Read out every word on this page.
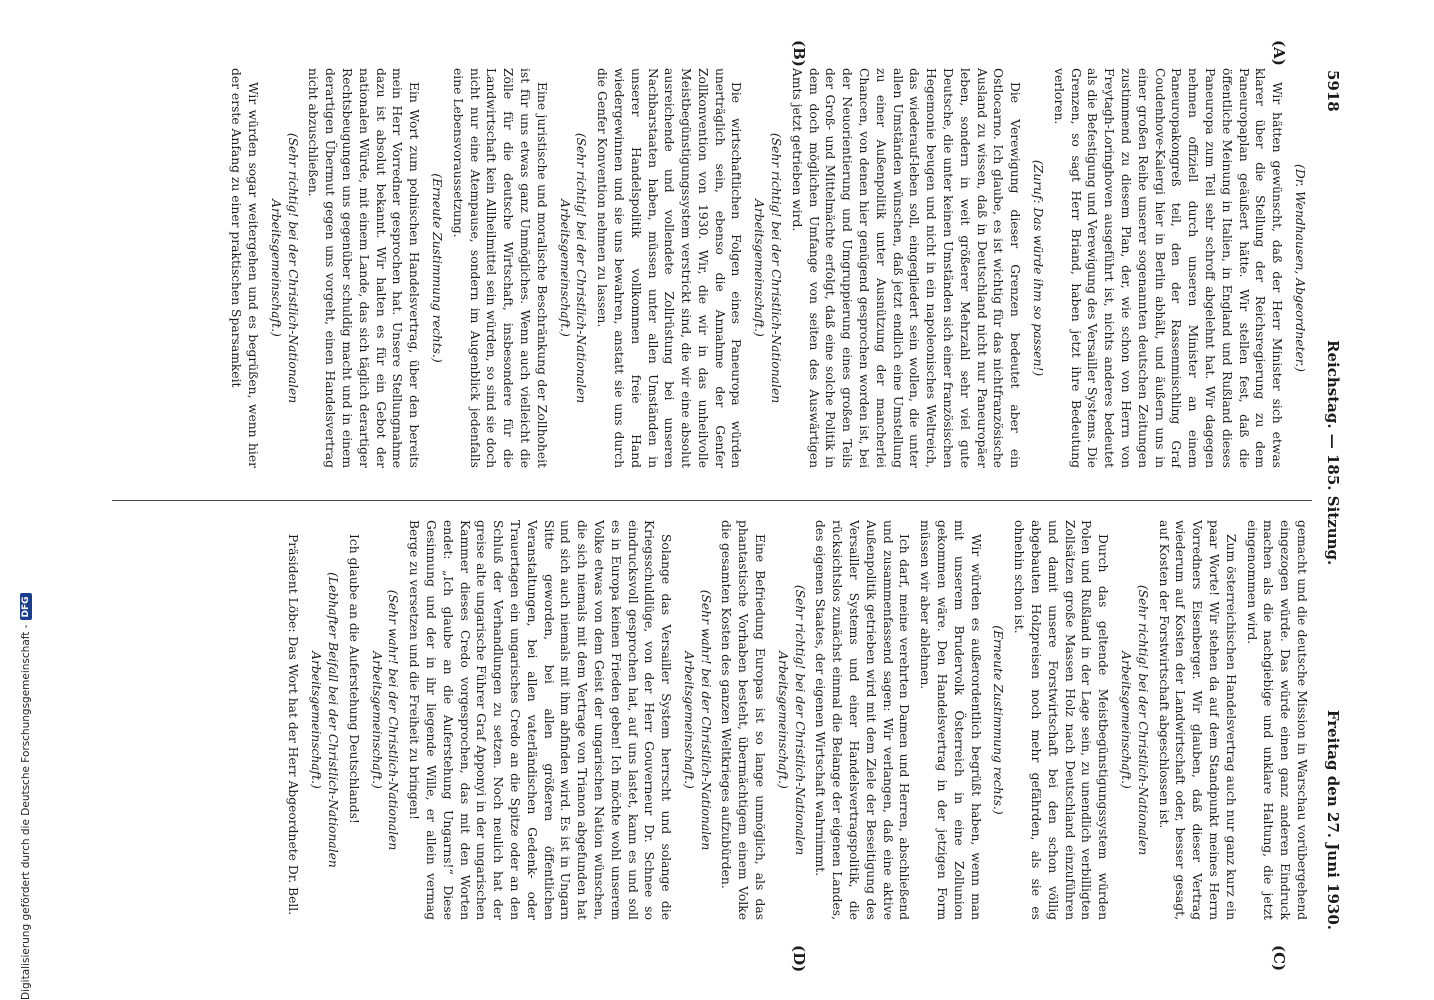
5918
Reichstag. — 185. Sitzung.
Freitag den 27. Juni 1930.
(A)
(B)
(C)
(D)

(Dr. Wendhausen, Abgeordneter.)

Wir hätten gewünscht, daß der Herr Minister sich etwas klarer über die Stellung der Reichsregierung zu dem Paneuropaplan geäußert hätte. Wir stellen fest, daß die öffentliche Meinung in Italien, in England und Rußland dieses Paneuropa zum Teil sehr schroff abgelehnt hat. Wir dagegen nehmen offiziell durch unseren Minister an einem Paneuropakongreß teil, den der Rassenmischling Graf Coudenhove-Kalergi hier in Berlin abhält, und äußern uns in einer großen Reihe unserer sogenannten deutschen Zeitungen zustimmend zu diesem Plan, der, wie schon von Herrn von Freytagh-Loringhoven ausgeführt ist, nichts anderes bedeutet als die Befestigung und Verewigung des Versailler Systems. Die Grenzen, so sagt Herr Briand, haben jetzt ihre Bedeutung verloren.

(Zuruf: Das würde ihm so passen!)

Die Verewigung dieser Grenzen bedeutet aber ein Ostlocarno. Ich glaube, es ist wichtig für das nichtfranzösische Ausland zu wissen, daß in Deutschland nicht nur Paneuropäer leben, sondern in weit größerer Mehrzahl sehr viel gute Deutsche, die unter keinen Umständen sich einer französischen Hegemonie beugen und nicht in ein napoleonisches Weltreich, das wiederauf-leben soll, eingegliedert sein wollen, die unter allen Umständen wünschen, daß jetzt endlich eine Umstellung zu einer Außenpolitik unter Ausnützung der mancherlei Chancen, von denen hier genügend gesprochen worden ist, bei der Neuorientierung und Umgruppierung eines großen Teils der Groß- und Mittelmächte erfolgt, daß eine solche Politik in dem doch möglichen Umfange von seiten des Auswärtigen Amts jetzt getrieben wird.

(Sehr richtig! bei der Christlich-Nationalen Arbeitsgemeinschaft.)

Die wirtschaftlichen Folgen eines Paneuropa würden unerträglich sein, ebenso die Annahme der Genfer Zollkonvention von 1930. Wir, die wir in das unheilvolle Meistbegünstigungssystem verstrickt sind, die wir eine absolut ausreichende und vollendete Zollrüstung bei unseren Nachbarstaaten haben, müssen unter allen Umständen in unserer Handelspolitik vollkommen freie Hand wiedergewinnen und sie uns bewahren, anstatt sie uns durch die Genfer Konvention nehmen zu lassen.

(Sehr richtig! bei der Christlich-Nationalen Arbeitsgemeinschaft.)

Eine juristische und moralische Beschränkung der Zollhoheit ist für uns etwas ganz Unmögliches. Wenn auch vielleicht die Zölle für die deutsche Wirtschaft, insbesondere für die Landwirtschaft kein Allheilmittel sein würden, so sind sie doch nicht nur eine Atempause, sondern im Augenblick jedenfalls eine Lebensvoraussetzung.

(Erneute Zustimmung rechts.)

Ein Wort zum polnischen Handelsvertrag, über den bereits mein Herr Vorredner gesprochen hat. Unsere Stellungnahme dazu ist absolut bekannt. Wir halten es für ein Gebot der nationalen Würde, mit einem Lande, das sich täglich derartiger Rechtsbeugungen uns gegenüber schuldig macht und in einem derartigen Übermut gegen uns vorgeht, einen Handelsvertrag nicht abzuschließen.

(Sehr richtig! bei der Christlich-Nationalen Arbeitsgemeinschaft.)

Wir würden sogar weitergehen und es begrüßen, wenn hier der erste Anfang zu einer praktischen Sparsamkeit

gemacht und die deutsche Mission in Warschau vorübergehend eingezogen würde. Das würde einen ganz anderen Eindruck machen als die nachgiebige und unklare Haltung, die jetzt eingenommen wird.

Zum österreichischen Handelsvertrag auch nur ganz kurz ein paar Worte! Wir stehen da auf dem Standpunkt meines Herrn Vorredners Eisenberger. Wir glauben, daß dieser Vertrag wiederum auf Kosten der Landwirtschaft oder, besser gesagt, auf Kosten der Forstwirtschaft abgeschlossen ist.

(Sehr richtig! bei der Christlich-Nationalen Arbeitsgemeinschaft.)

Durch das geltende Meistbegünstigungssystem würden Polen und Rußland in der Lage sein, zu unendlich verbilligten Zollsätzen große Massen Holz nach Deutschland einzuführen und damit unsere Forstwirtschaft bei den schon völlig abgebauten Holzpreisen noch mehr gefährden, als sie es ohnehin schon ist.

(Erneute Zustimmung rechts.)

Wir würden es außerordentlich begrüßt haben, wenn man mit unserem Brudervolk Österreich in eine Zollunion gekommen wäre. Den Handelsvertrag in der jetzigen Form müssen wir aber ablehnen.

Ich darf, meine verehrten Damen und Herren, abschließend und zusammenfassend sagen: Wir verlangen, daß eine aktive Außenpolitik getrieben wird mit dem Ziele der Beseitigung des Versailler Systems und einer Handelsvertragspolitik, die rücksichtslos zunächst einmal die Belange der eigenen Landes, des eigenen Staates, der eigenen Wirtschaft wahrnimmt.

(Sehr richtig! bei der Christlich-Nationalen Arbeitsgemeinschaft.)

Eine Befriedung Europas ist so lange unmöglich, als das phantastische Vorhaben besteht, übermächtigem einem Volke die gesamten Kosten des ganzen Weltkrieges aufzubürden.

(Sehr wahr! bei der Christlich-Nationalen Arbeitsgemeinschaft.)

Solange das Versailler System herrscht und solange die Kriegsschuldlüge, von der Herr Gouverneur Dr. Schnee so eindrucksvoll gesprochen hat, auf uns lastet, kann es und soll es in Europa keinen Frieden geben! Ich möchte wohl unserem Volke etwas von dem Geist der ungarischen Nation wünschen, die sich niemals mit dem Vertrage von Trianon abgefunden hat und sich auch niemals mit ihm abfinden wird. Es ist in Ungarn Sitte geworden, bei allen größeren öffentlichen Veranstaltungen, bei allen vaterländischen Gedenk- oder Trauertagen ein ungarisches Credo an die Spitze oder an den Schluß der Verhandlungen zu setzen. Noch neulich hat der greise alte ungarische Führer Graf Apponyi in der ungarischen Kammer dieses Credo vorgesprochen, das mit den Worten endet: „Ich glaube an die Auferstehung Ungarns!“ Diese Gesinnung und der in ihr liegende Wille, er allein vermag Berge zu versetzen und die Freiheit zu bringen!

(Sehr wahr! bei der Christlich-Nationalen Arbeitsgemeinschaft.)

Ich glaube an die Auferstehung Deutschlands!

(Lebhafter Beifall bei der Christlich-Nationalen Arbeitsgemeinschaft.)

Präsident Löbe: Das Wort hat der Herr Abgeordnete Dr. Bell.

Digitalisierung gefördert durch die Deutsche Forschungsgemeinschaft -DFG
